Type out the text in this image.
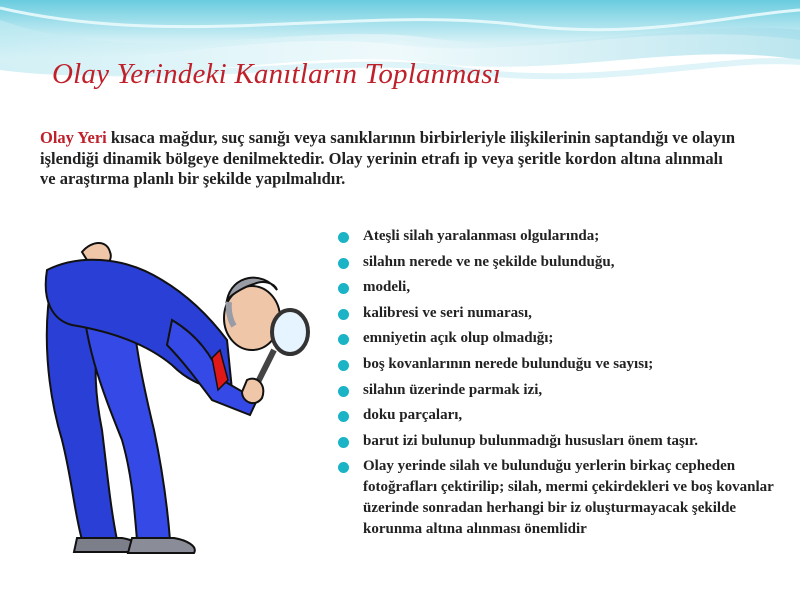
Olay Yerindeki Kanıtların Toplanması
Olay Yeri kısaca mağdur, suç sanığı veya sanıklarının birbirleriyle ilişkilerinin saptandığı ve olayın işlendiği dinamik bölgeye denilmektedir. Olay yerinin etrafı ip veya şeritle kordon altına alınmalı ve araştırma planlı bir şekilde yapılmalıdır.
Ateşli silah yaralanması olgularında;
silahın nerede ve ne şekilde bulunduğu,
modeli,
kalibresi ve seri numarası,
emniyetin açık olup olmadığı;
boş kovanlarının nerede bulunduğu ve sayısı;
silahın üzerinde parmak izi,
doku parçaları,
barut izi bulunup bulunmadığı hususları önem taşır.
Olay yerinde silah ve bulunduğu yerlerin birkaç cepheden fotoğrafları çektirilip; silah, mermi çekirdekleri ve boş kovanlar üzerinde sonradan herhangi bir iz oluşturmayacak şekilde korunma altına alınması önemlidir
